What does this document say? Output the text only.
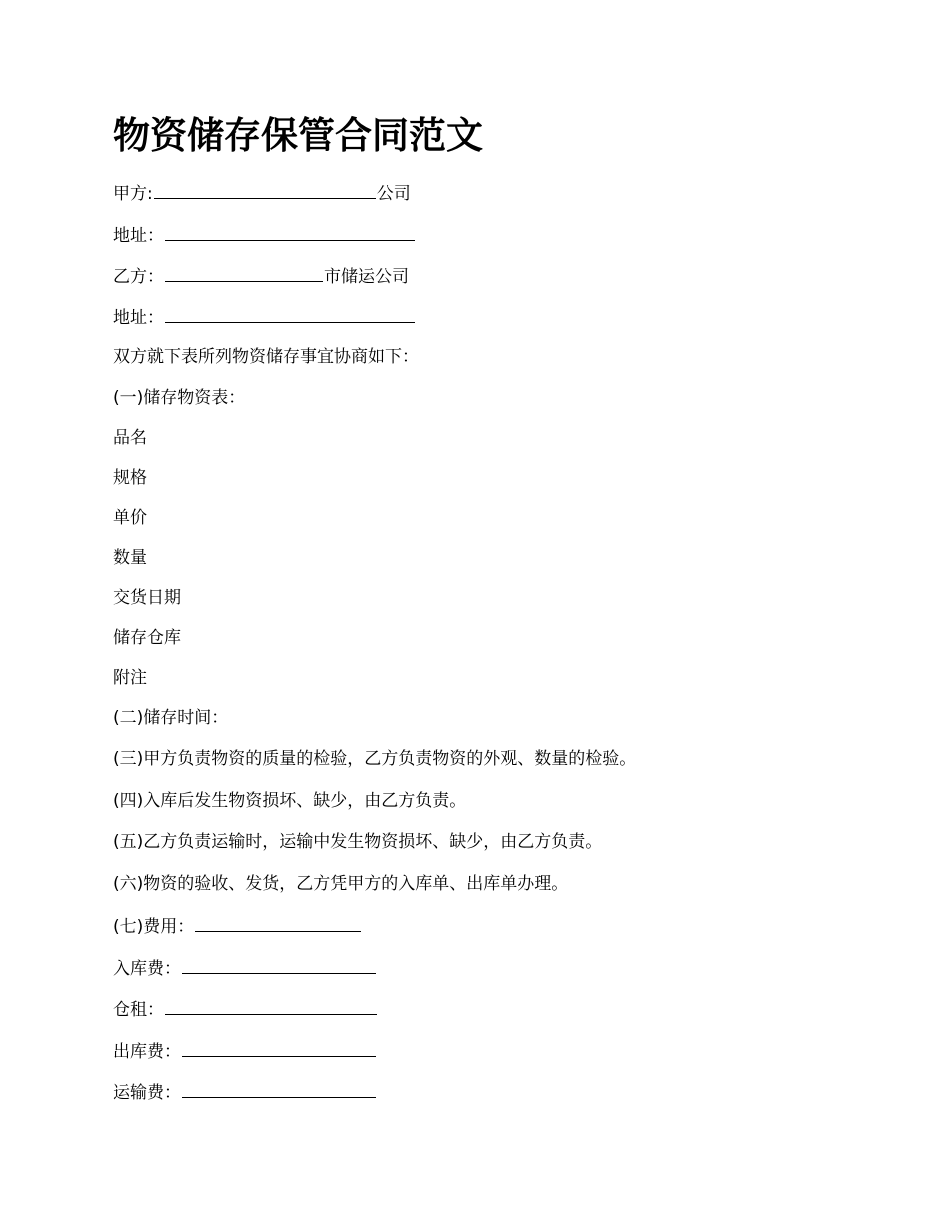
物资储存保管合同范文
甲方:	公司
地址：
乙方：	市储运公司
地址：
双方就下表所列物资储存事宜协商如下：
(一)储存物资表：
品名
规格
单价
数量
交货日期
储存仓库
附注
(二)储存时间：
(三)甲方负责物资的质量的检验，乙方负责物资的外观、数量的检验。
(四)入库后发生物资损坏、缺少，由乙方负责。
(五)乙方负责运输时，运输中发生物资损坏、缺少，由乙方负责。
(六)物资的验收、发货，乙方凭甲方的入库单、出库单办理。
(七)费用：
入库费：
仓租：
出库费：
运输费：
